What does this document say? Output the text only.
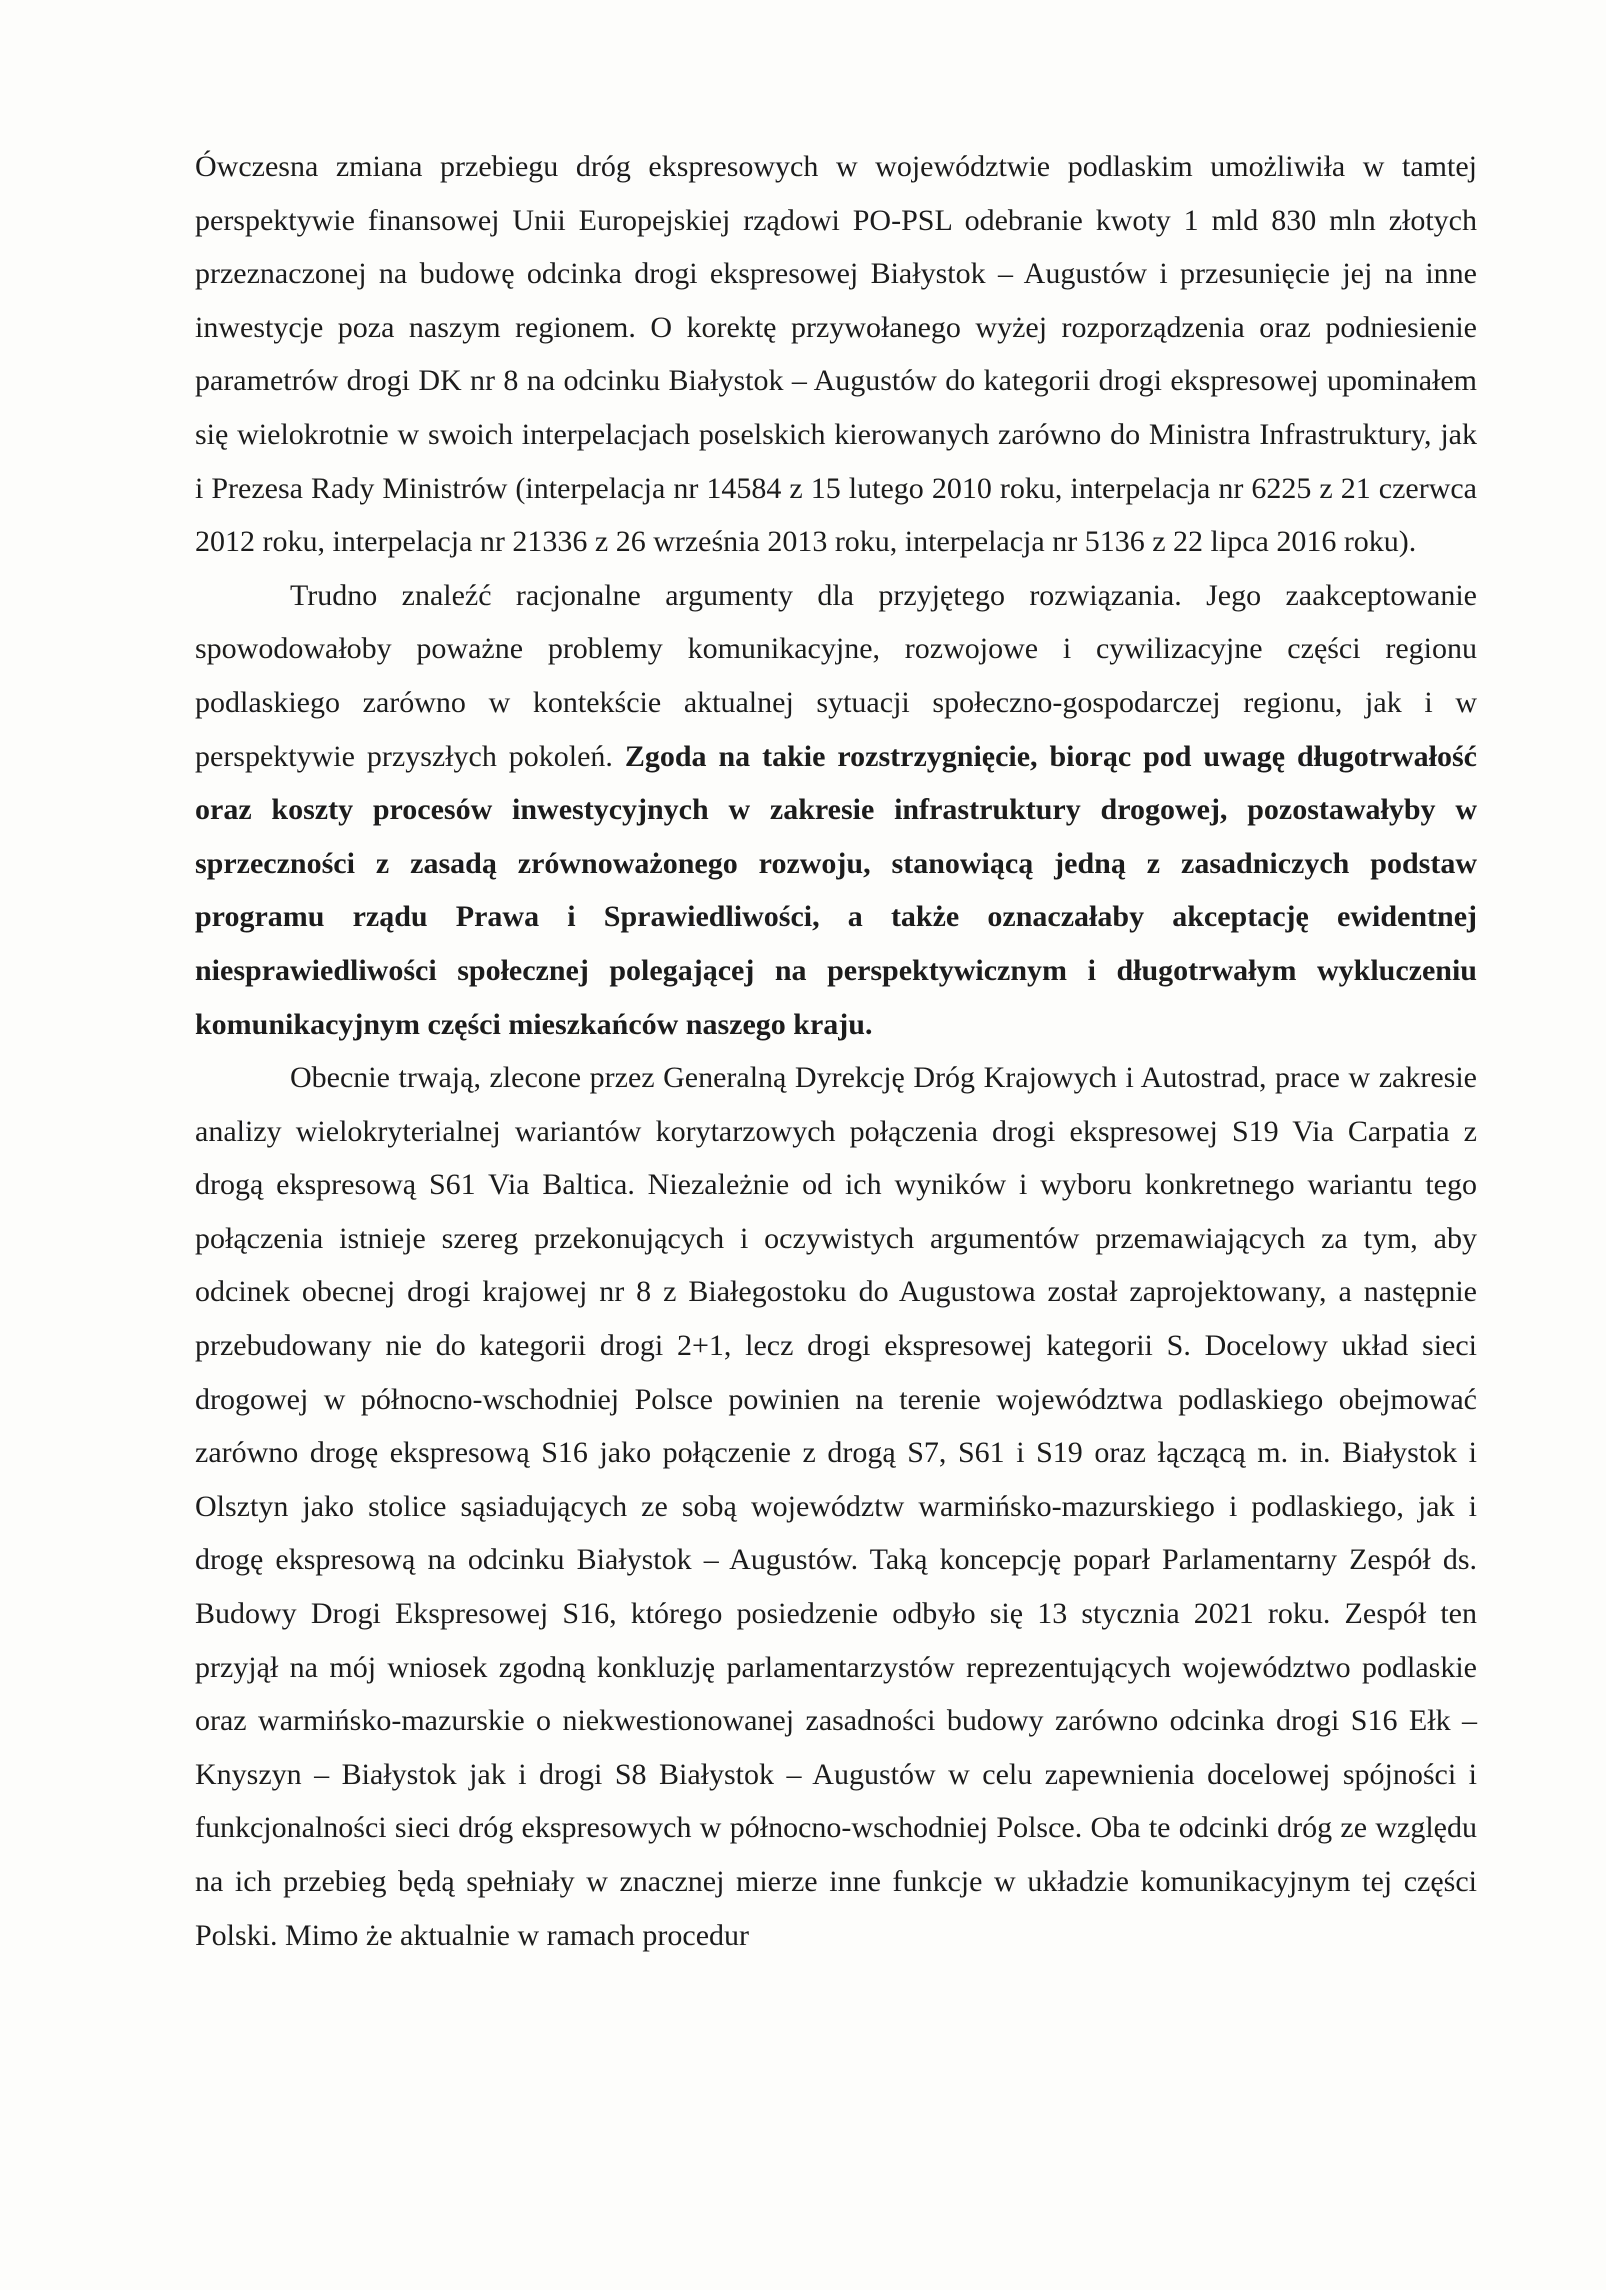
Ówczesna zmiana przebiegu dróg ekspresowych w województwie podlaskim umożliwiła w tamtej perspektywie finansowej Unii Europejskiej rządowi PO-PSL odebranie kwoty 1 mld 830 mln złotych przeznaczonej na budowę odcinka drogi ekspresowej Białystok – Augustów i przesunięcie jej na inne inwestycje poza naszym regionem. O korektę przywołanego wyżej rozporządzenia oraz podniesienie parametrów drogi DK nr 8 na odcinku Białystok – Augustów do kategorii drogi ekspresowej upominałem się wielokrotnie w swoich interpelacjach poselskich kierowanych zarówno do Ministra Infrastruktury, jak i Prezesa Rady Ministrów (interpelacja nr 14584 z 15 lutego 2010 roku, interpelacja nr 6225 z 21 czerwca 2012 roku, interpelacja nr 21336 z 26 września 2013 roku, interpelacja nr 5136 z 22 lipca 2016 roku).

Trudno znaleźć racjonalne argumenty dla przyjętego rozwiązania. Jego zaakceptowanie spowodowałoby poważne problemy komunikacyjne, rozwojowe i cywilizacyjne części regionu podlaskiego zarówno w kontekście aktualnej sytuacji społeczno-gospodarczej regionu, jak i w perspektywie przyszłych pokoleń. Zgoda na takie rozstrzygnięcie, biorąc pod uwagę długotrwałość oraz koszty procesów inwestycyjnych w zakresie infrastruktury drogowej, pozostawałyby w sprzeczności z zasadą zrównoważonego rozwoju, stanowiącą jedną z zasadniczych podstaw programu rządu Prawa i Sprawiedliwości, a także oznaczałaby akceptację ewidentnej niesprawiedliwości społecznej polegającej na perspektywicznym i długotrwałym wykluczeniu komunikacyjnym części mieszkańców naszego kraju.

Obecnie trwają, zlecone przez Generalną Dyrekcję Dróg Krajowych i Autostrad, prace w zakresie analizy wielokryterialnej wariantów korytarzowych połączenia drogi ekspresowej S19 Via Carpatia z drogą ekspresową S61 Via Baltica. Niezależnie od ich wyników i wyboru konkretnego wariantu tego połączenia istnieje szereg przekonujących i oczywistych argumentów przemawiających za tym, aby odcinek obecnej drogi krajowej nr 8 z Białegostoku do Augustowa został zaprojektowany, a następnie przebudowany nie do kategorii drogi 2+1, lecz drogi ekspresowej kategorii S. Docelowy układ sieci drogowej w północno-wschodniej Polsce powinien na terenie województwa podlaskiego obejmować zarówno drogę ekspresową S16 jako połączenie z drogą S7, S61 i S19 oraz łączącą m. in. Białystok i Olsztyn jako stolice sąsiadujących ze sobą województw warmińsko-mazurskiego i podlaskiego, jak i drogę ekspresową na odcinku Białystok – Augustów. Taką koncepcję poparł Parlamentarny Zespół ds. Budowy Drogi Ekspresowej S16, którego posiedzenie odbyło się 13 stycznia 2021 roku. Zespół ten przyjął na mój wniosek zgodną konkluzję parlamentarzystów reprezentujących województwo podlaskie oraz warmińsko-mazurskie o niekwestionowanej zasadności budowy zarówno odcinka drogi S16 Ełk – Knyszyn – Białystok jak i drogi S8 Białystok – Augustów w celu zapewnienia docelowej spójności i funkcjonalności sieci dróg ekspresowych w północno-wschodniej Polsce. Oba te odcinki dróg ze względu na ich przebieg będą spełniały w znacznej mierze inne funkcje w układzie komunikacyjnym tej części Polski. Mimo że aktualnie w ramach procedur
